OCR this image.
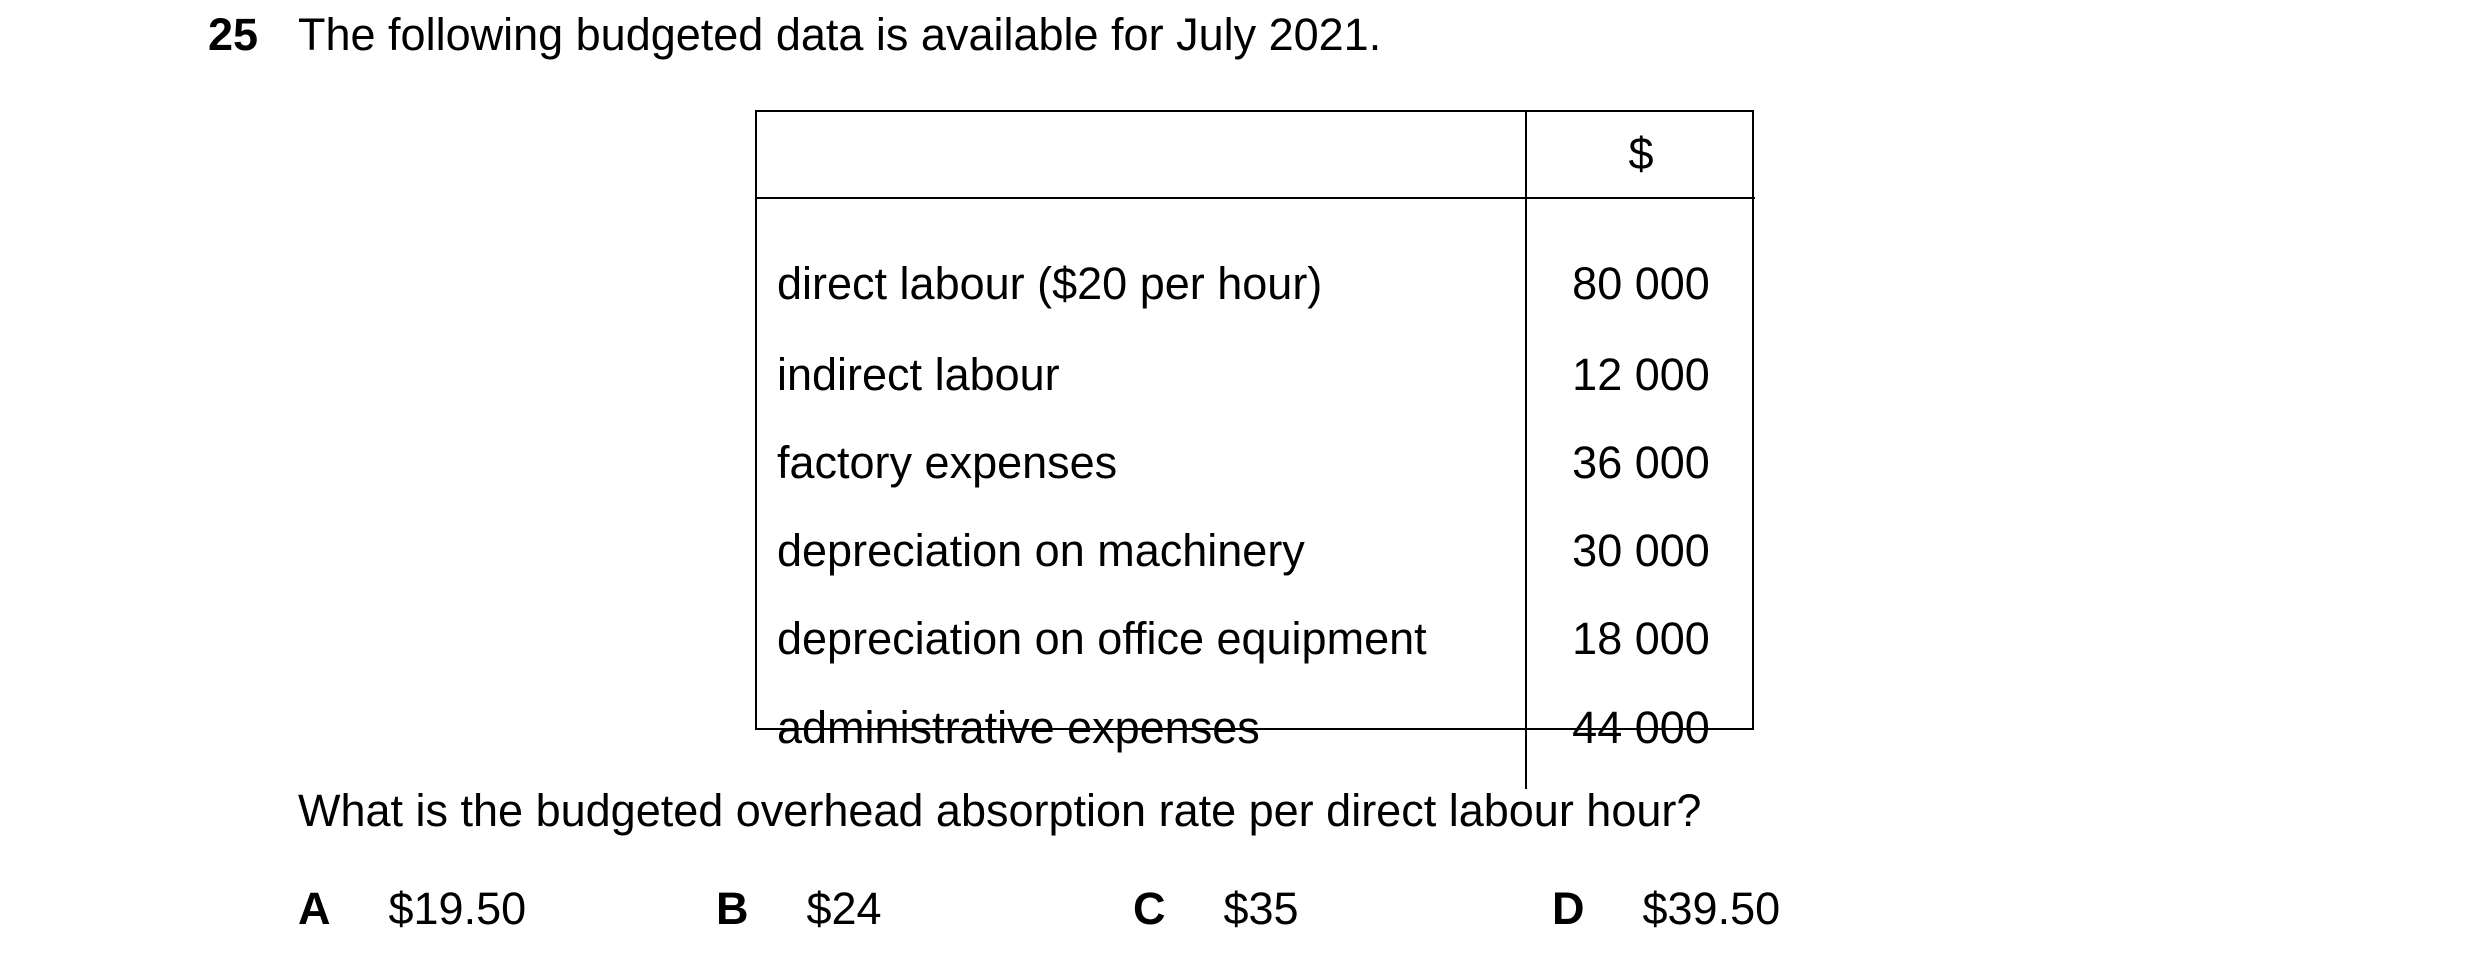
25 The following budgeted data is available for July 2021.
	$
direct labour ($20 per hour)	80 000
indirect labour	12 000
factory expenses	36 000
depreciation on machinery	30 000
depreciation on office equipment	18 000
administrative expenses	44 000
What is the budgeted overhead absorption rate per direct labour hour?
A $19.50	B $24	C $35	D $39.50
